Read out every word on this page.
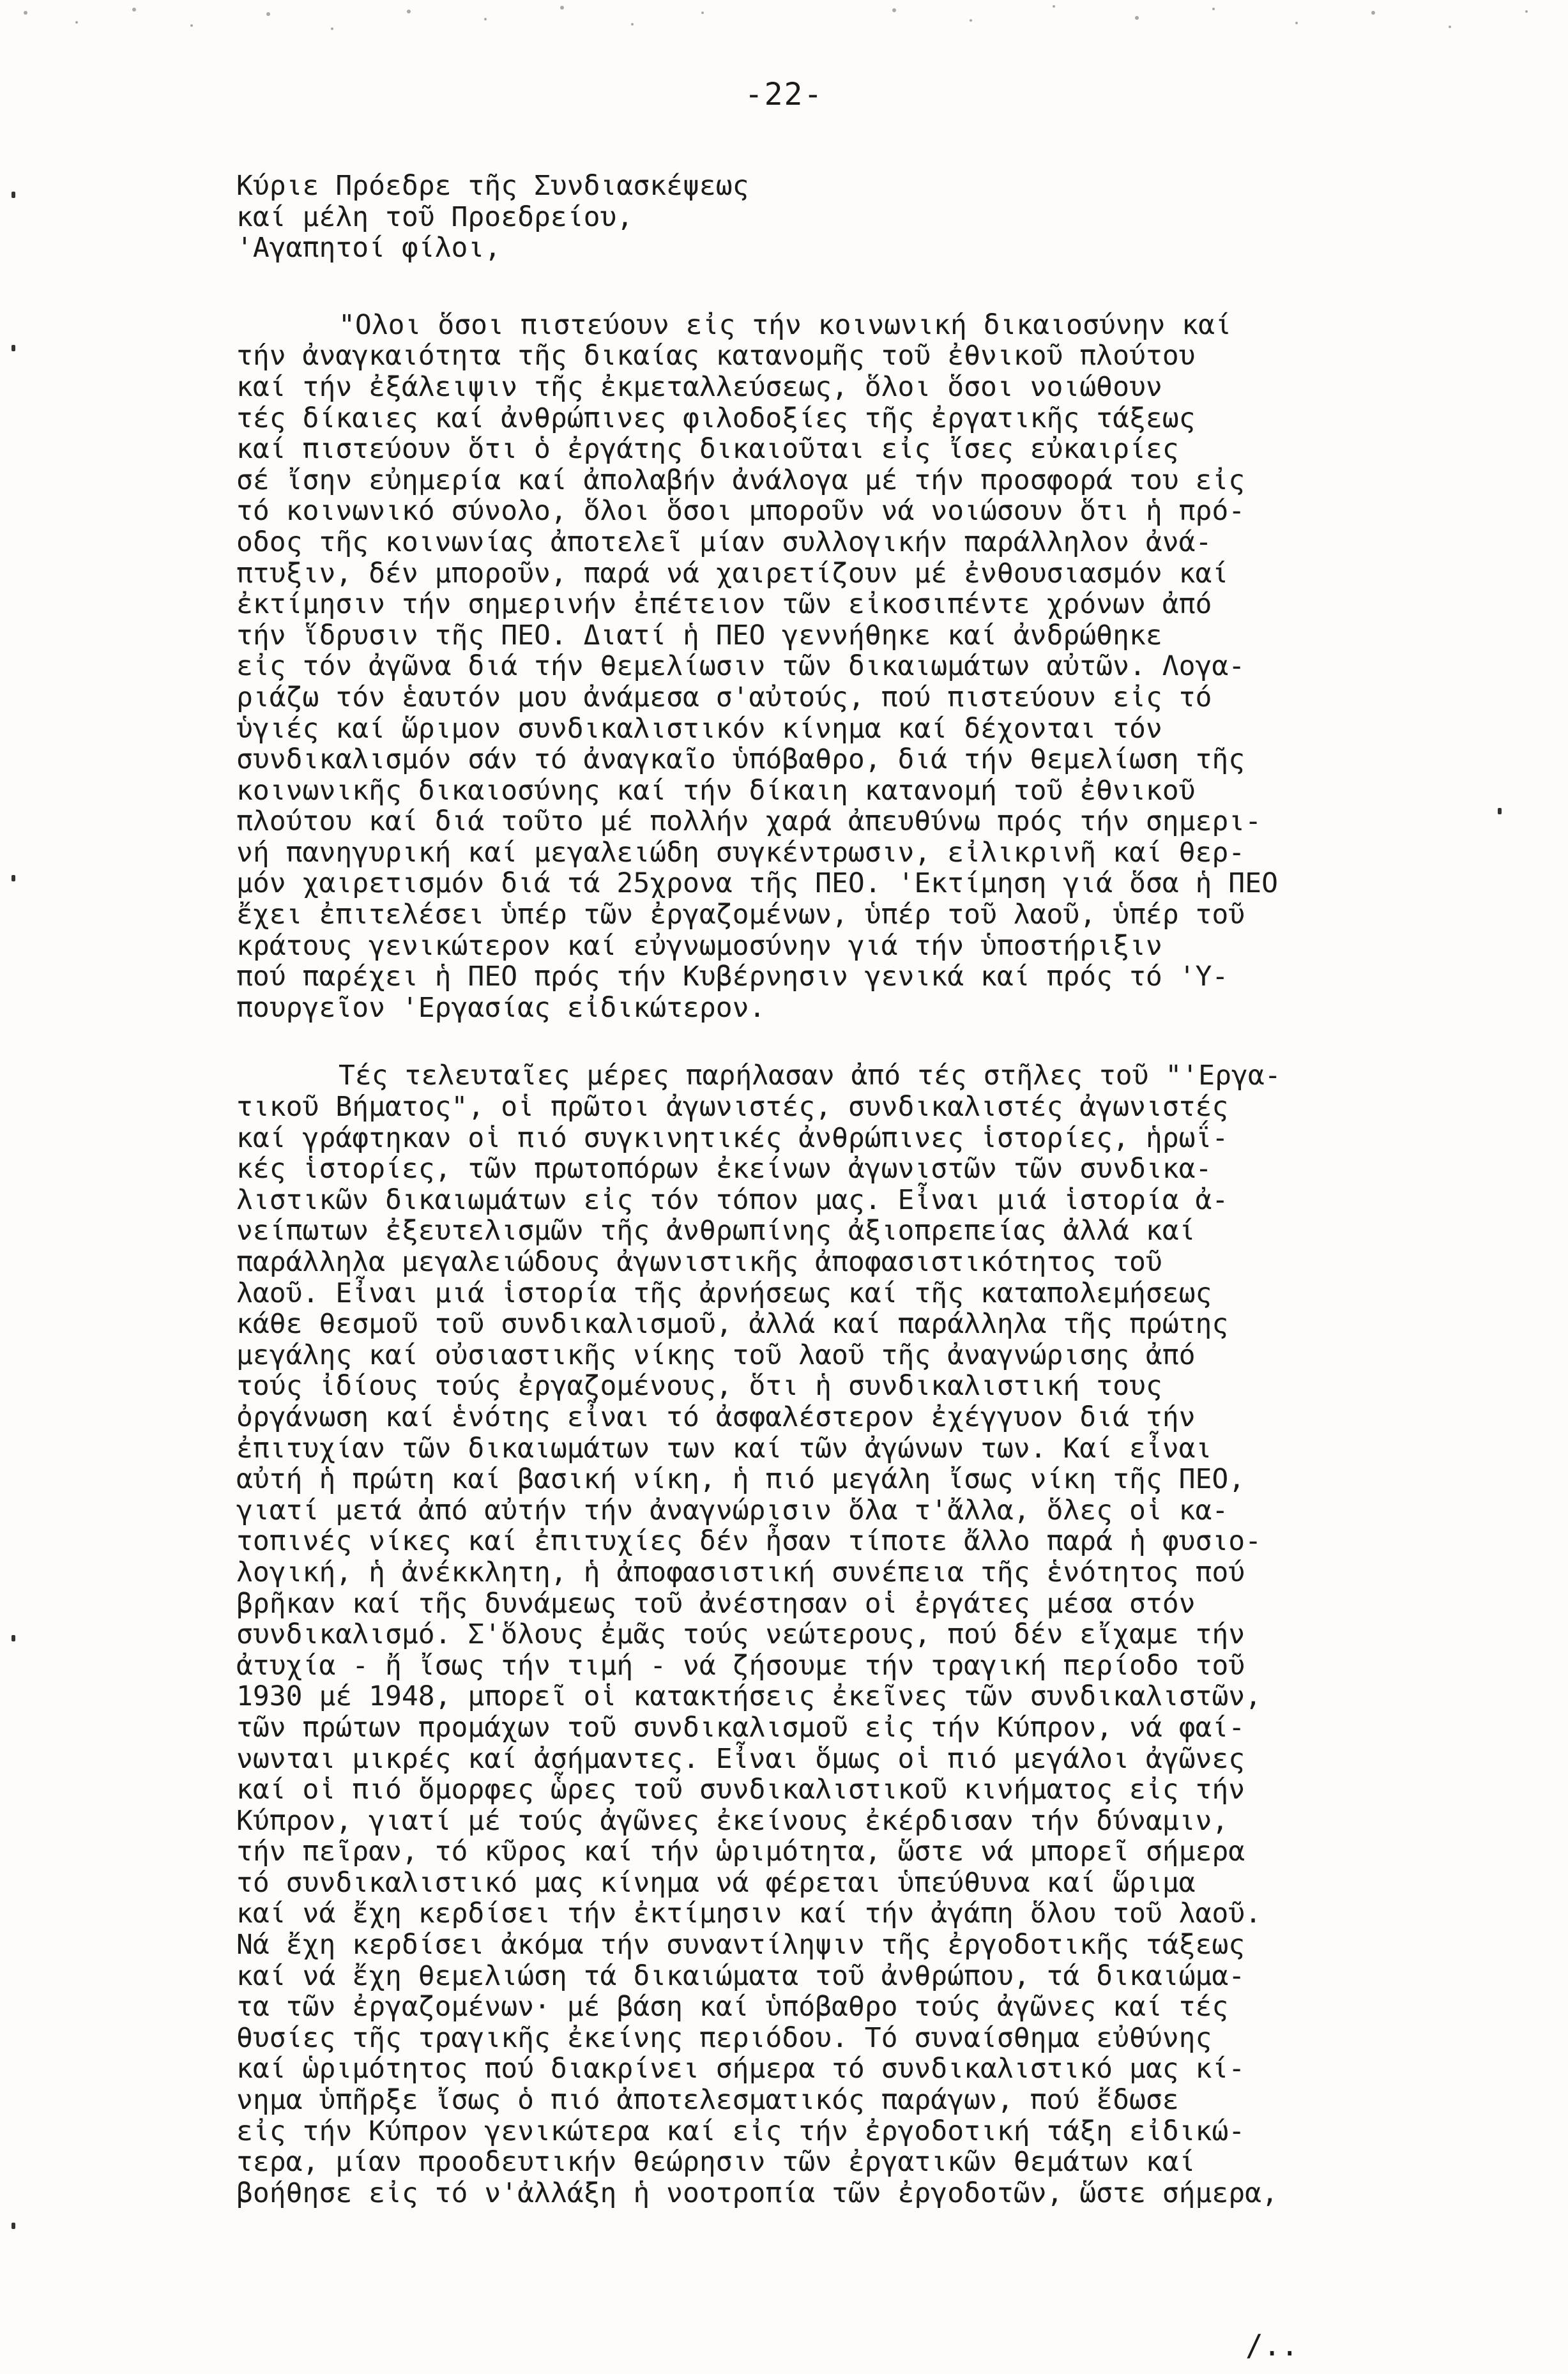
-22-
Κύριε Πρόεδρε τῆς Συνδιασκέψεως
καί μέλη τοῦ Προεδρείου,
'Αγαπητοί φίλοι,
"Ολοι ὅσοι πιστεύουν εἰς τήν κοινωνική δικαιοσύνην καί
τήν ἀναγκαιότητα τῆς δικαίας κατανομῆς τοῦ ἐθνικοῦ πλούτου
καί τήν ἐξάλειψιν τῆς ἐκμεταλλεύσεως, ὅλοι ὅσοι νοιώθουν
τές δίκαιες καί ἀνθρώπινες φιλοδοξίες τῆς ἐργατικῆς τάξεως
καί πιστεύουν ὅτι ὁ ἐργάτης δικαιοῦται εἰς ἴσες εὐκαιρίες
σέ ἴσην εὐημερία καί ἀπολαβήν ἀνάλογα μέ τήν προσφορά του εἰς
τό κοινωνικό σύνολο, ὅλοι ὅσοι μποροῦν νά νοιώσουν ὅτι ἡ πρό-
οδος τῆς κοινωνίας ἀποτελεῖ μίαν συλλογικήν παράλληλον ἀνά-
πτυξιν, δέν μποροῦν, παρά νά χαιρετίζουν μέ ἐνθουσιασμόν καί
ἐκτίμησιν τήν σημερινήν ἐπέτειον τῶν εἰκοσιπέντε χρόνων ἀπό
τήν ἵδρυσιν τῆς ΠΕΟ. Διατί ἡ ΠΕΟ γεννήθηκε καί ἀνδρώθηκε
εἰς τόν ἀγῶνα διά τήν θεμελίωσιν τῶν δικαιωμάτων αὐτῶν. Λογα-
ριάζω τόν ἑαυτόν μου ἀνάμεσα σ'αὐτούς, πού πιστεύουν εἰς τό
ὑγιές καί ὥριμον συνδικαλιστικόν κίνημα καί δέχονται τόν
συνδικαλισμόν σάν τό ἀναγκαῖο ὑπόβαθρο, διά τήν θεμελίωση τῆς
κοινωνικῆς δικαιοσύνης καί τήν δίκαιη κατανομή τοῦ ἐθνικοῦ
πλούτου καί διά τοῦτο μέ πολλήν χαρά ἀπευθύνω πρός τήν σημερι-
νή πανηγυρική καί μεγαλειώδη συγκέντρωσιν, εἰλικρινῆ καί θερ-
μόν χαιρετισμόν διά τά 25χρονα τῆς ΠΕΟ. 'Εκτίμηση γιά ὅσα ἡ ΠΕΟ
ἔχει ἐπιτελέσει ὑπέρ τῶν ἐργαζομένων, ὑπέρ τοῦ λαοῦ, ὑπέρ τοῦ
κράτους γενικώτερον καί εὐγνωμοσύνην γιά τήν ὑποστήριξιν
πού παρέχει ἡ ΠΕΟ πρός τήν Κυβέρνησιν γενικά καί πρός τό 'Υ-
πουργεῖον 'Εργασίας εἰδικώτερον.
Τές τελευταῖες μέρες παρήλασαν ἀπό τές στῆλες τοῦ "'Εργα-
τικοῦ Βήματος", οἱ πρῶτοι ἀγωνιστές, συνδικαλιστές ἀγωνιστές
καί γράφτηκαν οἱ πιό συγκινητικές ἀνθρώπινες ἱστορίες, ἡρωΐ-
κές ἱστορίες, τῶν πρωτοπόρων ἐκείνων ἀγωνιστῶν τῶν συνδικα-
λιστικῶν δικαιωμάτων εἰς τόν τόπον μας. Εἶναι μιά ἱστορία ἀ-
νείπωτων ἐξευτελισμῶν τῆς ἀνθρωπίνης ἀξιοπρεπείας ἀλλά καί
παράλληλα μεγαλειώδους ἀγωνιστικῆς ἀποφασιστικότητος τοῦ
λαοῦ. Εἶναι μιά ἱστορία τῆς ἀρνήσεως καί τῆς καταπολεμήσεως
κάθε θεσμοῦ τοῦ συνδικαλισμοῦ, ἀλλά καί παράλληλα τῆς πρώτης
μεγάλης καί οὐσιαστικῆς νίκης τοῦ λαοῦ τῆς ἀναγνώρισης ἀπό
τούς ἰδίους τούς ἐργαζομένους, ὅτι ἡ συνδικαλιστική τους
ὀργάνωση καί ἑνότης εἶναι τό ἀσφαλέστερον ἐχέγγυον διά τήν
ἐπιτυχίαν τῶν δικαιωμάτων των καί τῶν ἀγώνων των. Καί εἶναι
αὐτή ἡ πρώτη καί βασική νίκη, ἡ πιό μεγάλη ἴσως νίκη τῆς ΠΕΟ,
γιατί μετά ἀπό αὐτήν τήν ἀναγνώρισιν ὅλα τ'ἄλλα, ὅλες οἱ κα-
τοπινές νίκες καί ἐπιτυχίες δέν ἦσαν τίποτε ἄλλο παρά ἡ φυσιο-
λογική, ἡ ἀνέκκλητη, ἡ ἀποφασιστική συνέπεια τῆς ἑνότητος πού
βρῆκαν καί τῆς δυνάμεως τοῦ ἀνέστησαν οἱ ἐργάτες μέσα στόν
συνδικαλισμό. Σ'ὅλους ἐμᾶς τούς νεώτερους, πού δέν εἴχαμε τήν
ἀτυχία - ἤ ἴσως τήν τιμή - νά ζήσουμε τήν τραγική περίοδο τοῦ
1930 μέ 1948, μπορεῖ οἱ κατακτήσεις ἐκεῖνες τῶν συνδικαλιστῶν,
τῶν πρώτων προμάχων τοῦ συνδικαλισμοῦ εἰς τήν Κύπρον, νά φαί-
νωνται μικρές καί ἀσήμαντες. Εἶναι ὅμως οἱ πιό μεγάλοι ἀγῶνες
καί οἱ πιό ὅμορφες ὧρες τοῦ συνδικαλιστικοῦ κινήματος εἰς τήν
Κύπρον, γιατί μέ τούς ἀγῶνες ἐκείνους ἐκέρδισαν τήν δύναμιν,
τήν πεῖραν, τό κῦρος καί τήν ὡριμότητα, ὥστε νά μπορεῖ σήμερα
τό συνδικαλιστικό μας κίνημα νά φέρεται ὑπεύθυνα καί ὥριμα
καί νά ἔχη κερδίσει τήν ἐκτίμησιν καί τήν ἀγάπη ὅλου τοῦ λαοῦ.
Νά ἔχη κερδίσει ἀκόμα τήν συναντίληψιν τῆς ἐργοδοτικῆς τάξεως
καί νά ἔχη θεμελιώση τά δικαιώματα τοῦ ἀνθρώπου, τά δικαιώμα-
τα τῶν ἐργαζομένων· μέ βάση καί ὑπόβαθρο τούς ἀγῶνες καί τές
θυσίες τῆς τραγικῆς ἐκείνης περιόδου. Τό συναίσθημα εὐθύνης
καί ὡριμότητος πού διακρίνει σήμερα τό συνδικαλιστικό μας κί-
νημα ὑπῆρξε ἴσως ὁ πιό ἀποτελεσματικός παράγων, πού ἔδωσε
εἰς τήν Κύπρον γενικώτερα καί εἰς τήν ἐργοδοτική τάξη εἰδικώ-
τερα, μίαν προοδευτικήν θεώρησιν τῶν ἐργατικῶν θεμάτων καί
βοήθησε εἰς τό ν'ἀλλάξη ἡ νοοτροπία τῶν ἐργοδοτῶν, ὥστε σήμερα,
/..
